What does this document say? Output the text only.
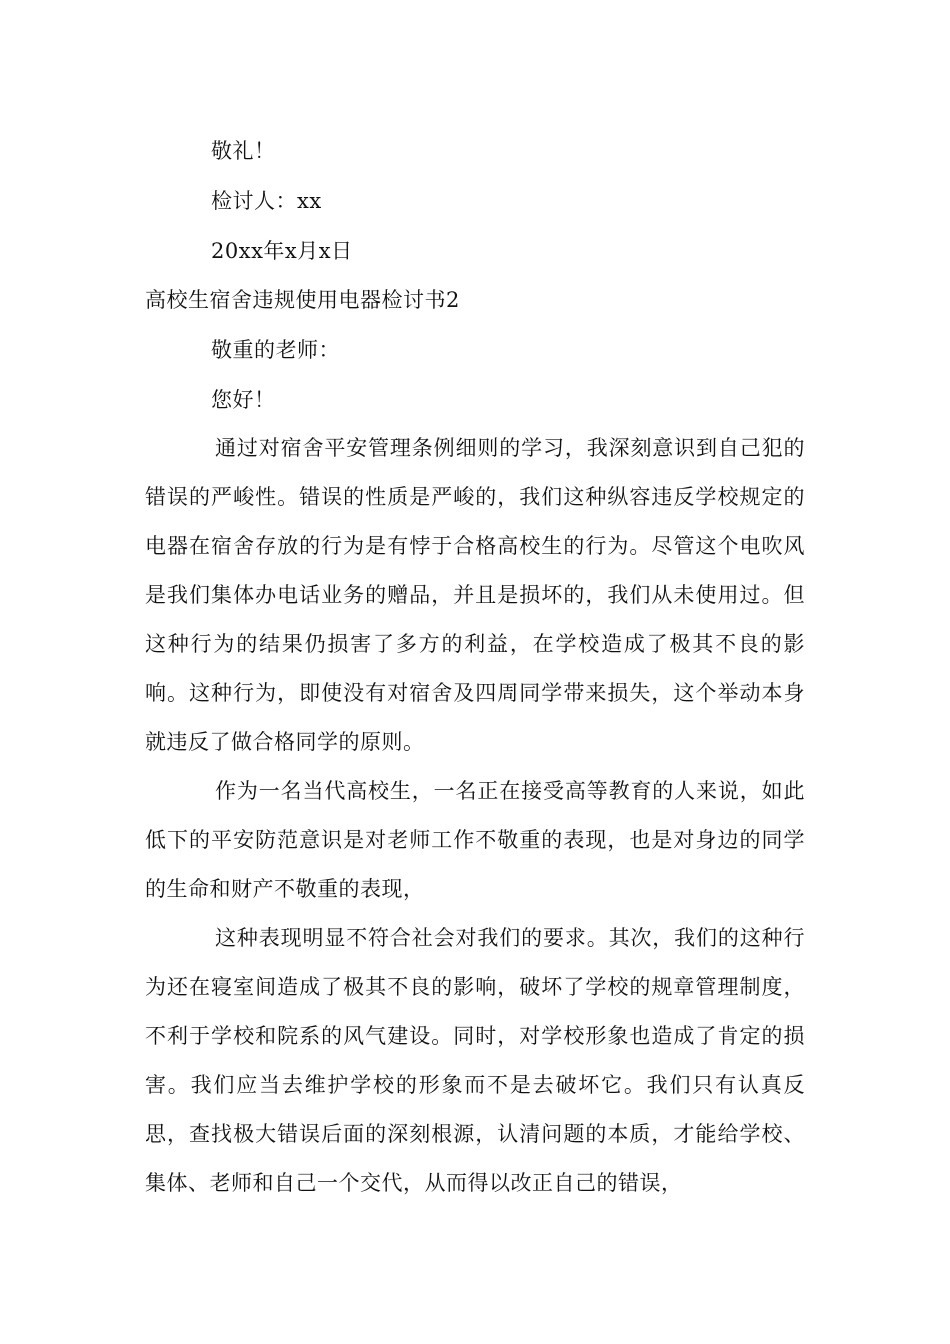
敬礼！
检讨人：xx
20xx年x月x日
高校生宿舍违规使用电器检讨书2
敬重的老师：
您好！
通过对宿舍平安管理条例细则的学习，我深刻意识到自己犯的错误的严峻性。错误的性质是严峻的，我们这种纵容违反学校规定的电器在宿舍存放的行为是有悖于合格高校生的行为。尽管这个电吹风是我们集体办电话业务的赠品，并且是损坏的，我们从未使用过。但这种行为的结果仍损害了多方的利益，在学校造成了极其不良的影响。这种行为，即使没有对宿舍及四周同学带来损失，这个举动本身就违反了做合格同学的原则。
作为一名当代高校生，一名正在接受高等教育的人来说，如此低下的平安防范意识是对老师工作不敬重的表现，也是对身边的同学的生命和财产不敬重的表现，
这种表现明显不符合社会对我们的要求。其次，我们的这种行为还在寝室间造成了极其不良的影响，破坏了学校的规章管理制度，不利于学校和院系的风气建设。同时，对学校形象也造成了肯定的损害。我们应当去维护学校的形象而不是去破坏它。我们只有认真反思，查找极大错误后面的深刻根源，认清问题的本质，才能给学校、集体、老师和自己一个交代，从而得以改正自己的错误，
